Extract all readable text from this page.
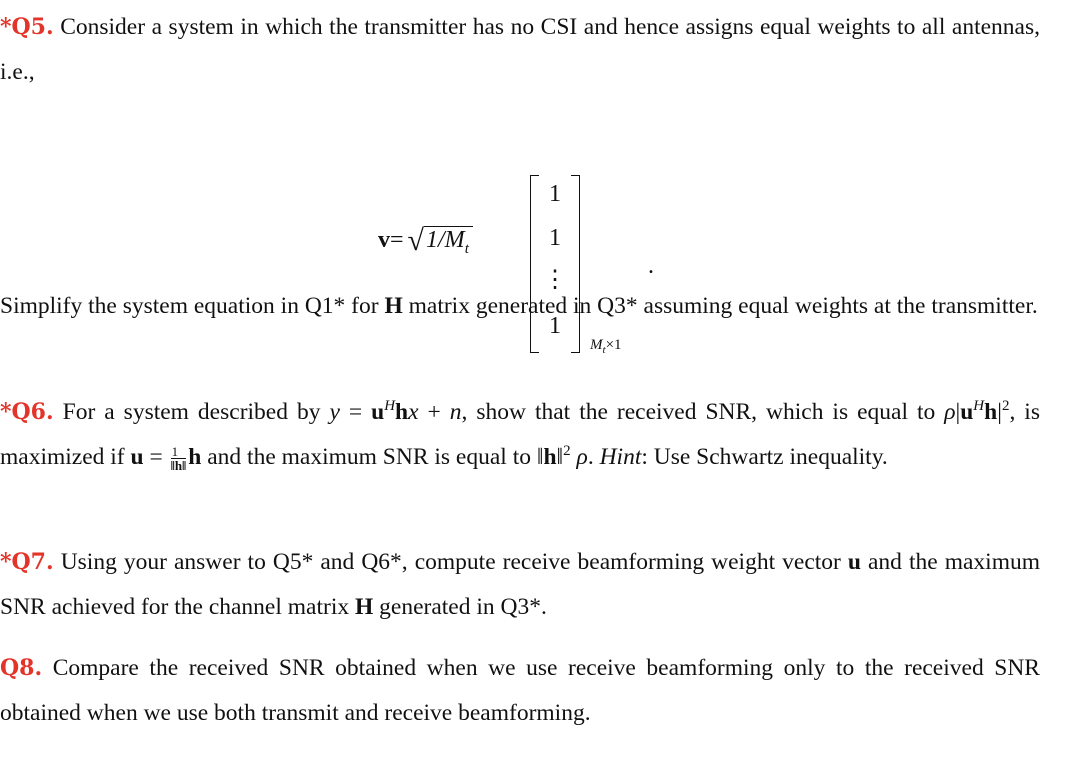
*Q5. Consider a system in which the transmitter has no CSI and hence assigns equal weights to all antennas, i.e.,

$v=√1/M_t$
1
1
⋮
1
$M_t\times 1$
.

Simplify the system equation in Q1* for H matrix generated in Q3* assuming equal weights at the transmitter.

*Q6. For a system described by $y = u^Hhx + n$, show that the received SNR, which is equal to $\rho|u^Hh|^2$, is maximized if $u = \frac{1}{‖h‖}$ h and the maximum SNR is equal to ‖h‖$^2$ ρ. Hint: Use Schwartz inequality.

*Q7. Using your answer to Q5* and Q6*, compute receive beamforming weight vector u and the maximum SNR achieved for the channel matrix H generated in Q3*.

Q8. Compare the received SNR obtained when we use receive beamforming only to the received SNR obtained when we use both transmit and receive beamforming.
